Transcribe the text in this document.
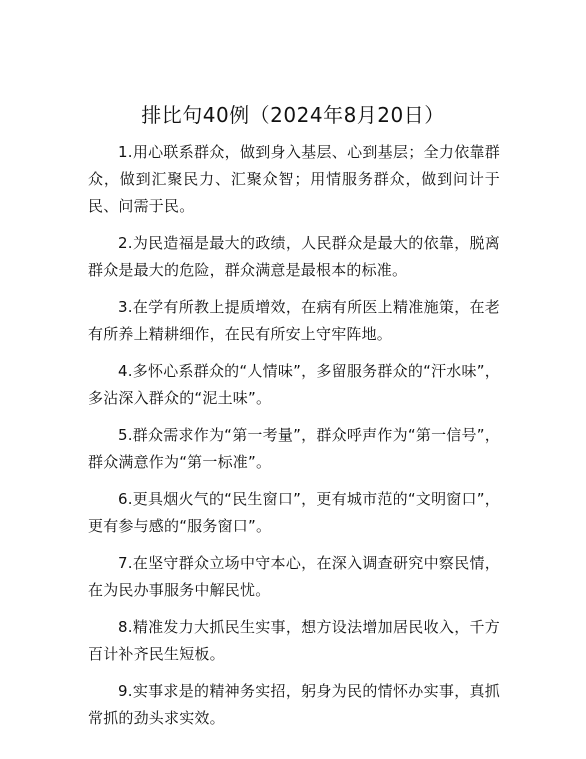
排比句40例（2024年8月20日）

1.用心联系群众，做到身入基层、心到基层；全力依靠群众，做到汇聚民力、汇聚众智；用情服务群众，做到问计于民、问需于民。

2.为民造福是最大的政绩，人民群众是最大的依靠，脱离群众是最大的危险，群众满意是最根本的标准。

3.在学有所教上提质增效，在病有所医上精准施策，在老有所养上精耕细作，在民有所安上守牢阵地。

4.多怀心系群众的“人情味”，多留服务群众的“汗水味”，多沾深入群众的“泥土味”。

5.群众需求作为“第一考量”，群众呼声作为“第一信号”，群众满意作为“第一标准”。

6.更具烟火气的“民生窗口”，更有城市范的“文明窗口”，更有参与感的“服务窗口”。

7.在坚守群众立场中守本心，在深入调查研究中察民情，在为民办事服务中解民忧。

8.精准发力大抓民生实事，想方设法增加居民收入，千方百计补齐民生短板。

9.实事求是的精神务实招，躬身为民的情怀办实事，真抓常抓的劲头求实效。
